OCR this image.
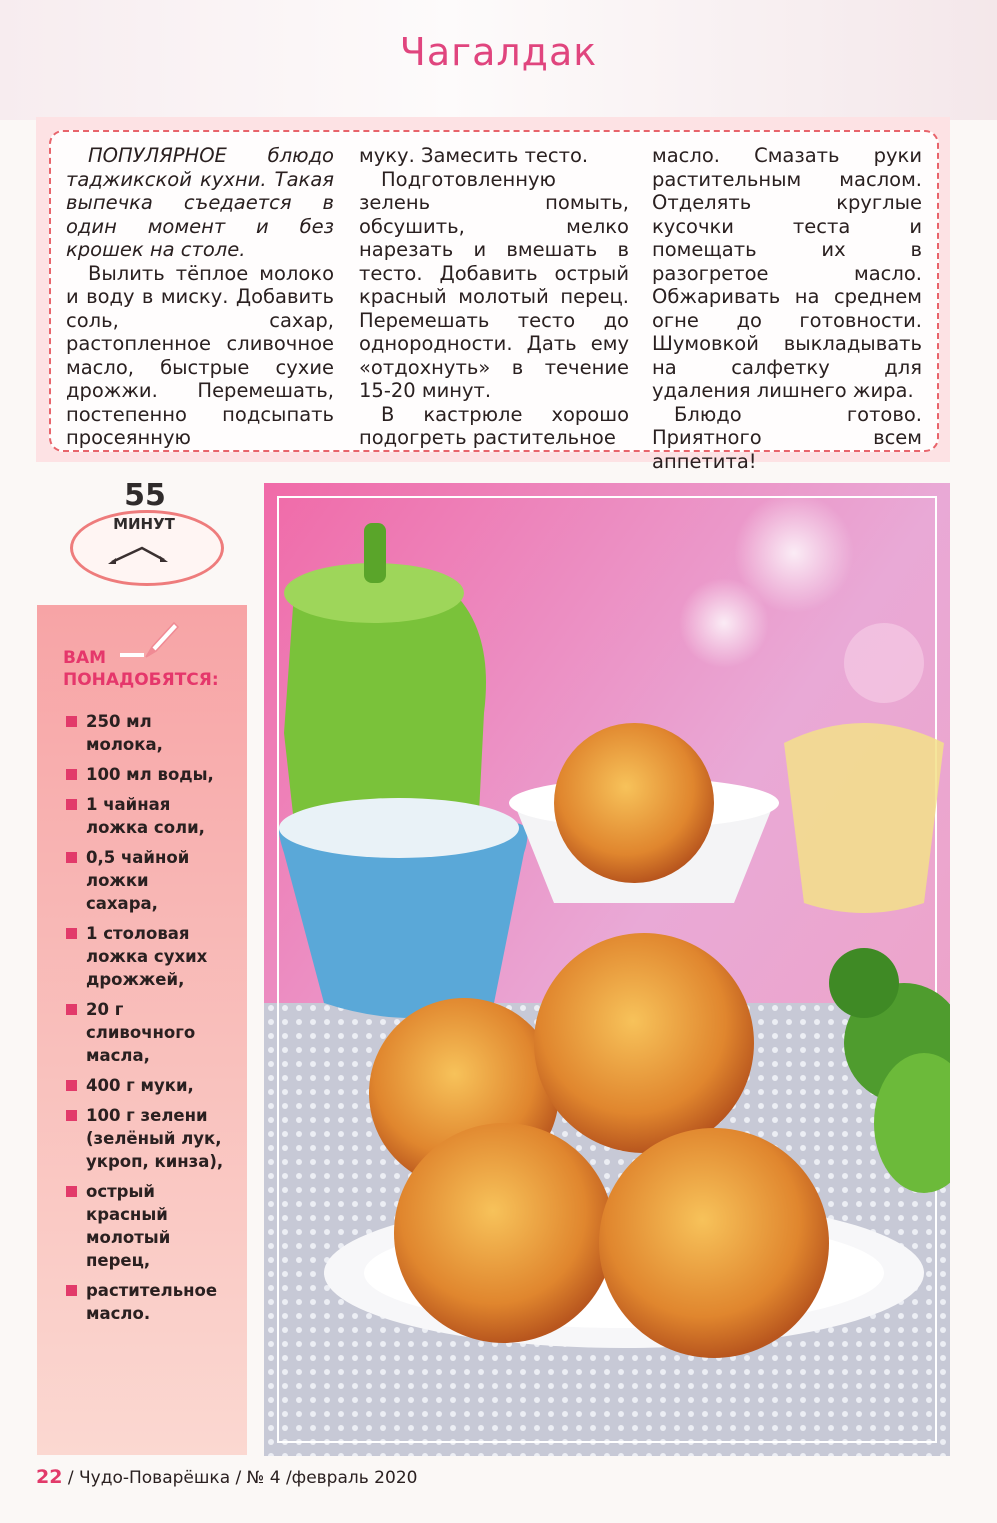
Чагалдак

ПОПУЛЯРНОЕ блюдо таджикской кухни. Такая выпечка съедается в один момент и без крошек на столе.

Вылить тёплое молоко и воду в миску. Добавить соль, сахар, растопленное сливочное масло, быстрые сухие дрожжи. Перемешать, постепенно подсыпать просеянную

муку. Замесить тесто.

Подготовленную зелень помыть, обсушить, мелко нарезать и вмешать в тесто. Добавить острый красный молотый перец. Перемешать тесто до однородности. Дать ему «отдохнуть» в течение 15-20 минут.

В кастрюле хорошо подогреть растительное

масло. Смазать руки растительным маслом. Отделять круглые кусочки теста и помещать их в разогретое масло. Обжаривать на среднем огне до готовности. Шумовкой выкладывать на салфетку для удаления лишнего жира.

Блюдо готово. Приятного всем аппетита!

55
МИНУТ
ВАМ ПОНАДОБЯТСЯ:
250 мл молока,
100 мл воды,
1 чайная ложка соли,
0,5 чайной ложки сахара,
1 столовая ложка сухих дрожжей,
20 г сливочного масла,
400 г муки,
100 г зелени (зелёный лук, укроп, кинза),
острый красный молотый перец,
растительное масло.
22 / Чудо-Поварёшка / № 4 /февраль 2020
